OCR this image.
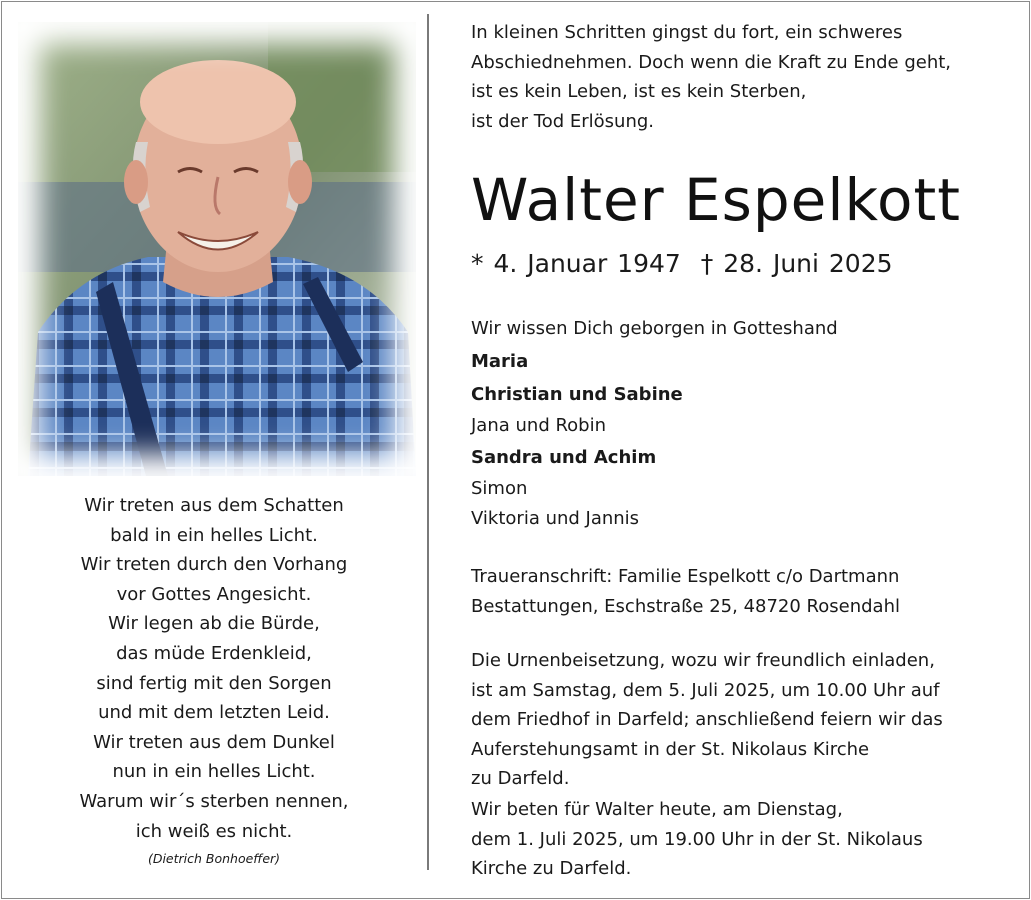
Wir treten aus dem Schatten
bald in ein helles Licht.
Wir treten durch den Vorhang
vor Gottes Angesicht.
Wir legen ab die Bürde,
das müde Erdenkleid,
sind fertig mit den Sorgen
und mit dem letzten Leid.
Wir treten aus dem Dunkel
nun in ein helles Licht.
Warum wir´s sterben nennen,
ich weiß es nicht.
(Dietrich Bonhoeffer)
In kleinen Schritten gingst du fort, ein schweres
Abschiednehmen. Doch wenn die Kraft zu Ende geht,
ist es kein Leben, ist es kein Sterben,
ist der Tod Erlösung.
Walter Espelkott
* 4. Januar 1947 † 28. Juni 2025
Wir wissen Dich geborgen in Gotteshand
Maria
Christian und Sabine
Jana und Robin
Sandra und Achim
Simon
Viktoria und Jannis
Traueranschrift: Familie Espelkott c/o Dartmann
Bestattungen, Eschstraße 25, 48720 Rosendahl
Die Urnenbeisetzung, wozu wir freundlich einladen,
ist am Samstag, dem 5. Juli 2025, um 10.00 Uhr auf
dem Friedhof in Darfeld; anschließend feiern wir das
Auferstehungsamt in der St. Nikolaus Kirche
zu Darfeld.
Wir beten für Walter heute, am Dienstag,
dem 1. Juli 2025, um 19.00 Uhr in der St. Nikolaus
Kirche zu Darfeld.
